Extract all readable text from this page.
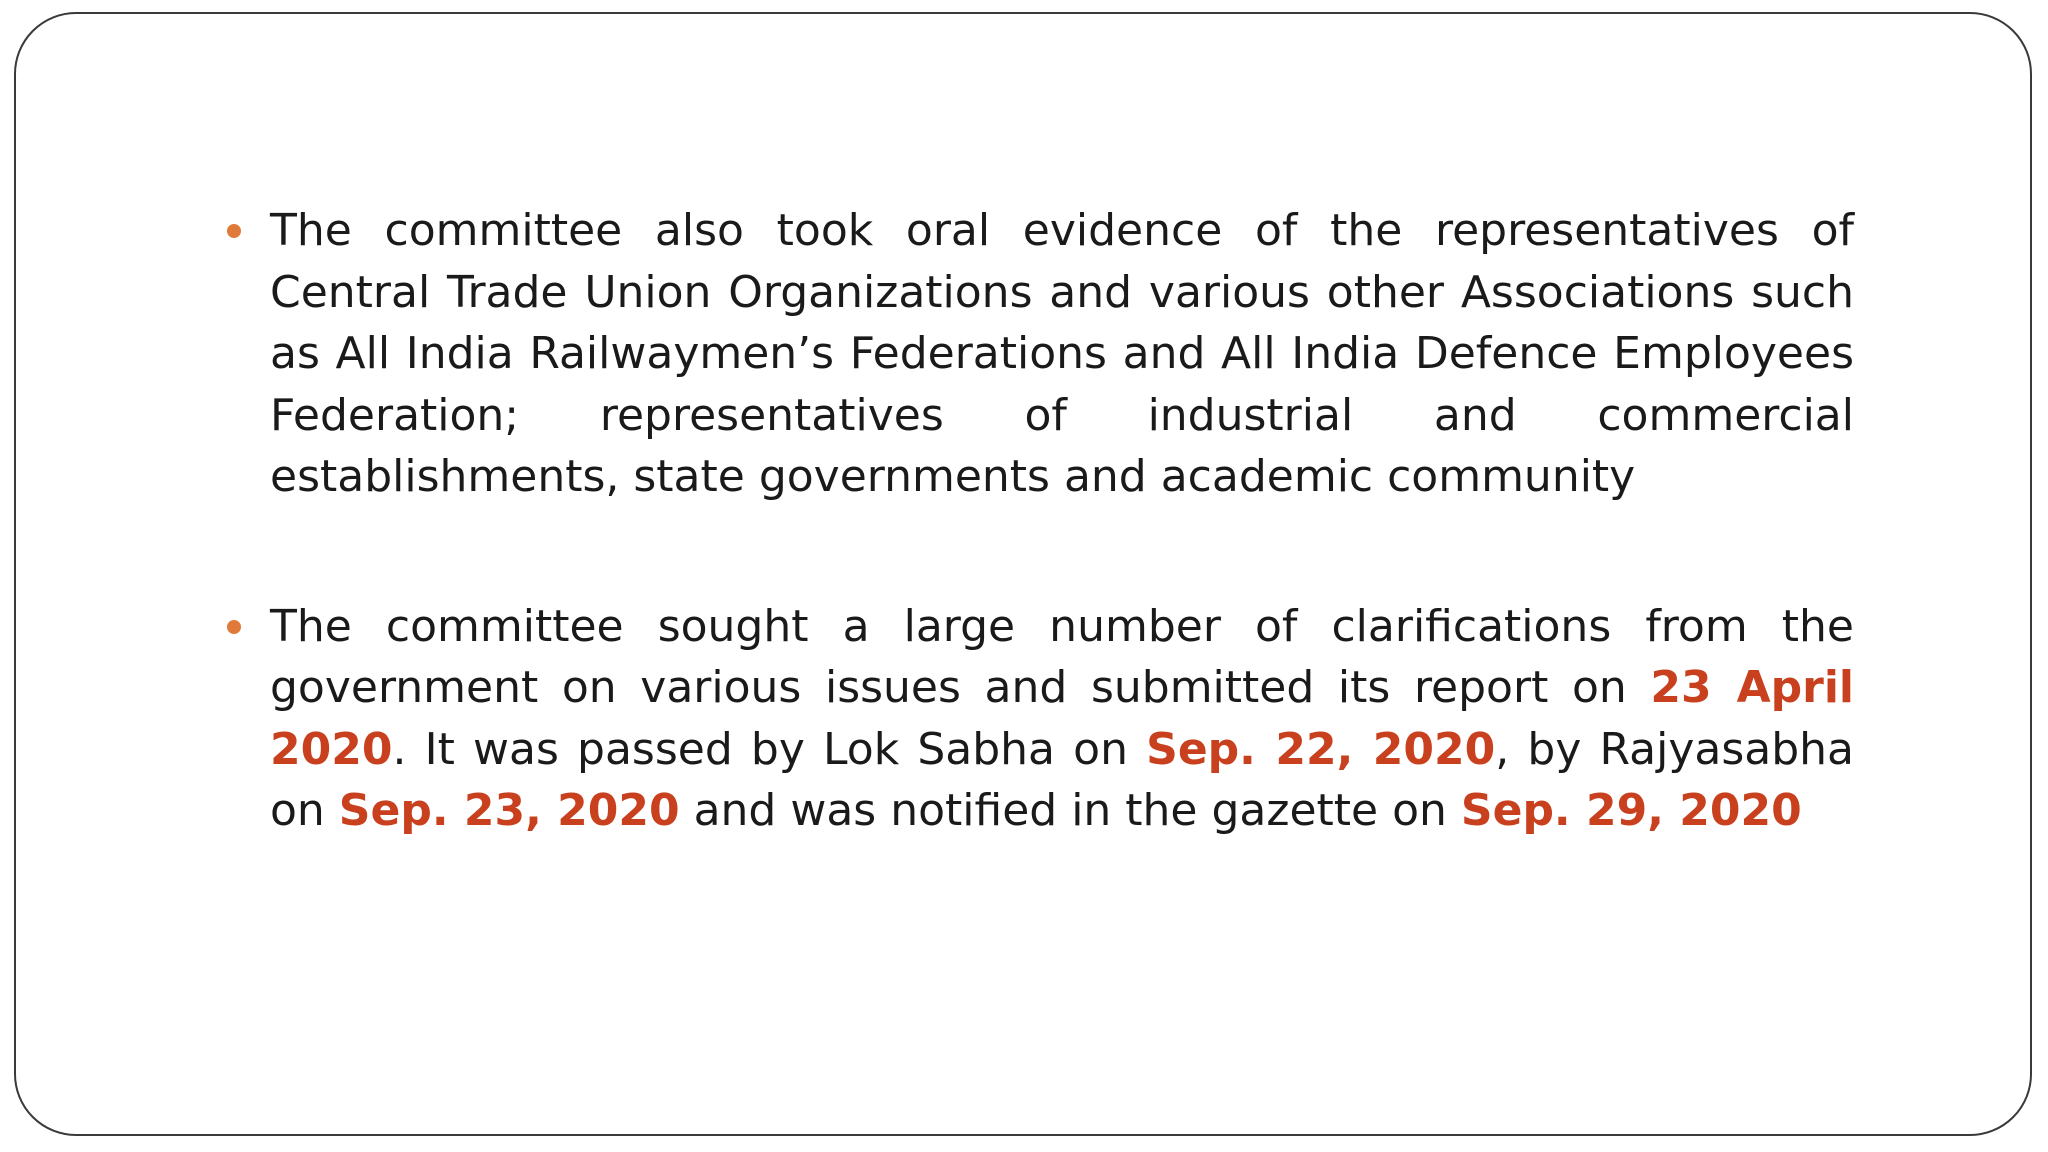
The committee also took oral evidence of the representatives of Central Trade Union Organizations and various other Associations such as All India Railwaymen’s Federations and All India Defence Employees Federation; representatives of industrial and commercial establishments, state governments and academic community

The committee sought a large number of clarifications from the government on various issues and submitted its report on 23 April 2020. It was passed by Lok Sabha on Sep. 22, 2020, by Rajyasabha on Sep. 23, 2020 and was notified in the gazette on Sep. 29, 2020
